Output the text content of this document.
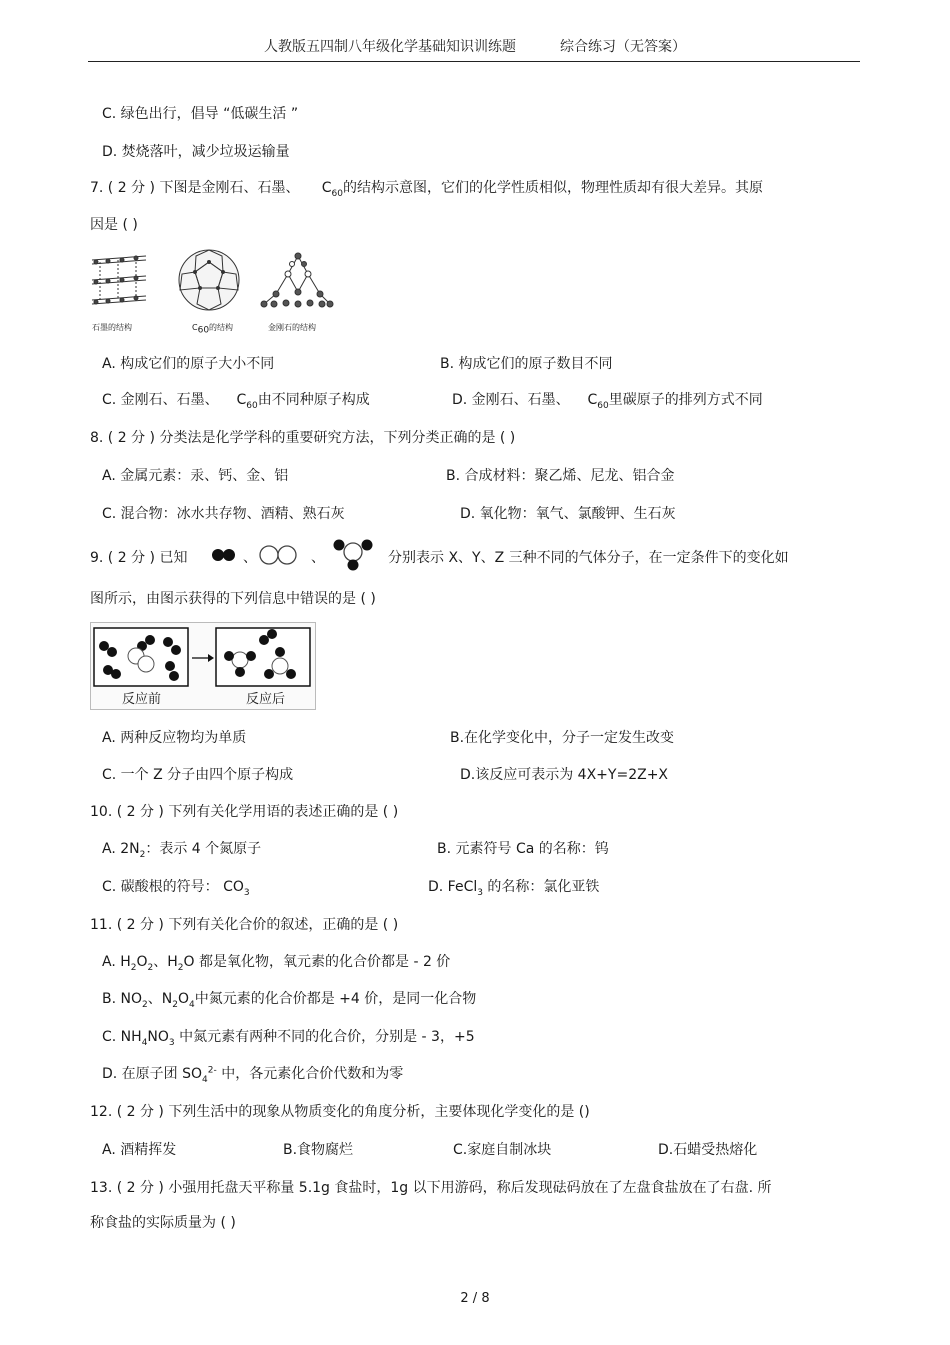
人教版五四制八年级化学基础知识训练题	综合练习（无答案）
C. 绿色出行，倡导 “低碳生活 ”
D. 焚烧落叶，减少垃圾运输量
7. ( 2 分 ) 下图是金刚石、石墨、 $C_{60}$的结构示意图，它们的化学性质相似，物理性质却有很大差异。其原
因是 ( )
石墨的结构	$C_{60}$的结构	金刚石的结构
A. 构成它们的原子大小不同	B. 构成它们的原子数目不同
C. 金刚石、石墨、    $C_{60}$由不同种原子构成	D. 金刚石、石墨、    $C_{60}$里碳原子的排列方式不同
8. ( 2 分 ) 分类法是化学学科的重要研究方法，下列分类正确的是 ( )
A. 金属元素：汞、钙、金、铝	B. 合成材料：聚乙烯、尼龙、铝合金
C. 混合物：冰水共存物、酒精、熟石灰	D. 氧化物：氧气、氯酸钾、生石灰
9. ( 2 分 ) 已知	、	、	分别表示 X、Y、Z 三种不同的气体分子，在一定条件下的变化如
图所示，由图示获得的下列信息中错误的是 ( )
反应前	反应后
A. 两种反应物均为单质	B.在化学变化中，分子一定发生改变
C. 一个 Z 分子由四个原子构成	D.该反应可表示为 4X+Y=2Z+X
10. ( 2 分 ) 下列有关化学用语的表述正确的是 ( )
A. $2N_2$：表示 4 个氮原子	B. 元素符号 Ca 的名称：钨
C. 碳酸根的符号： $CO_3$	D. FeCl$_3$ 的名称：氯化亚铁
11. ( 2 分 ) 下列有关化合价的叙述，正确的是 ( )
A. $H_2O_2$、$H_2O$ 都是氧化物，氧元素的化合价都是 - 2 价
B. $NO_2$、$N_2O_4$中氮元素的化合价都是 +4 价，是同一化合物
C. $NH_4NO_3$ 中氮元素有两种不同的化合价，分别是 - 3，+5
D. 在原子团 $SO_4^{2-}$ 中，各元素化合价代数和为零
12. ( 2 分 ) 下列生活中的现象从物质变化的角度分析，主要体现化学变化的是 ()
A. 酒精挥发	B.食物腐烂	C.家庭自制冰块	D.石蜡受热熔化
13. ( 2 分 ) 小强用托盘天平称量 5.1g 食盐时，1g 以下用游码，称后发现砝码放在了左盘食盐放在了右盘. 所
称食盐的实际质量为 ( )
2 / 8
